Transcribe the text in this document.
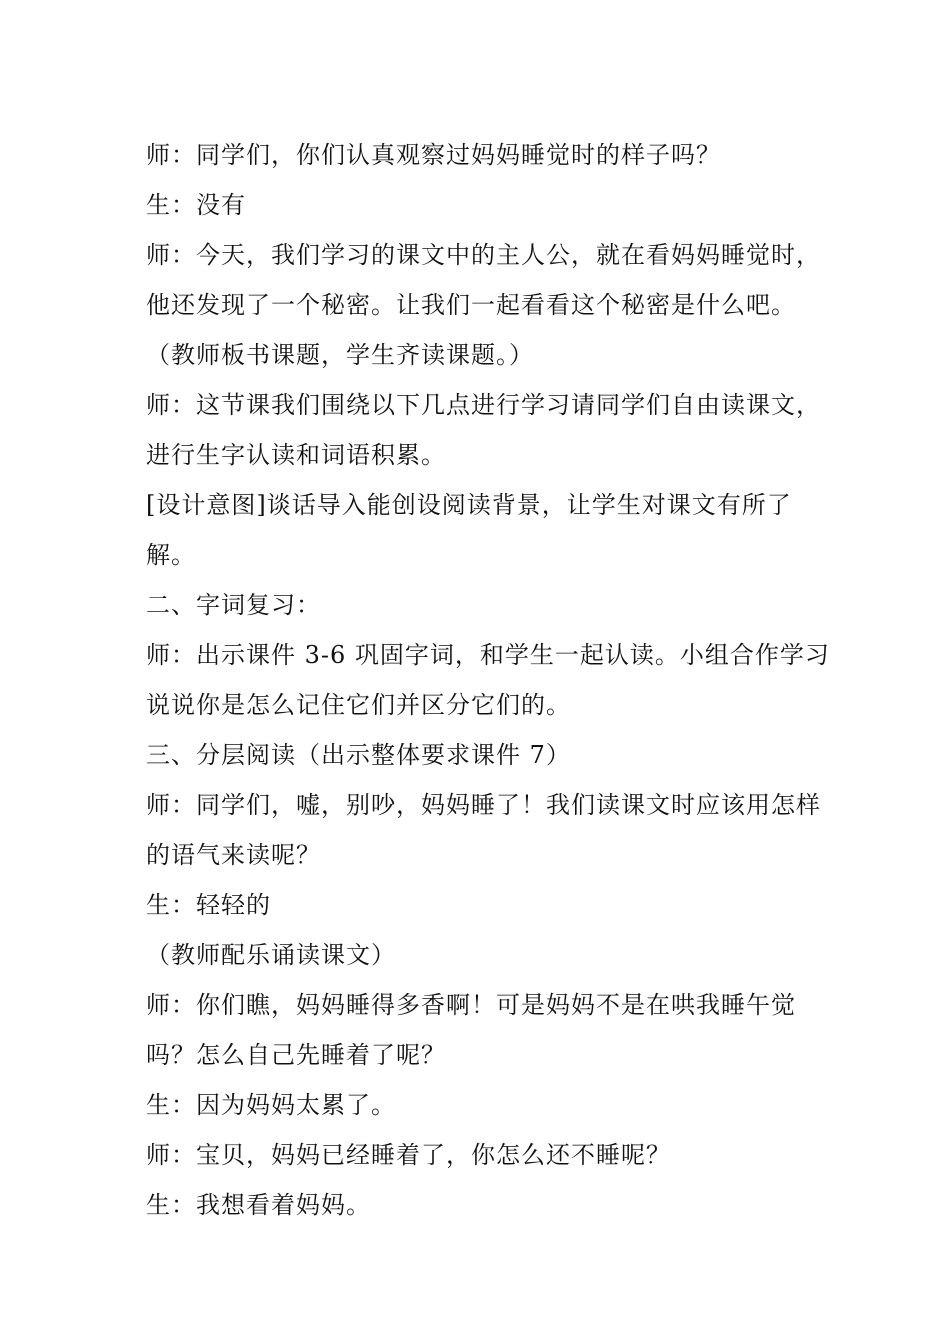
师：同学们，你们认真观察过妈妈睡觉时的样子吗？
生：没有
师：今天，我们学习的课文中的主人公，就在看妈妈睡觉时，
他还发现了一个秘密。让我们一起看看这个秘密是什么吧。
（教师板书课题，学生齐读课题。）
师：这节课我们围绕以下几点进行学习请同学们自由读课文，
进行生字认读和词语积累。
[设计意图]谈话导入能创设阅读背景，让学生对课文有所了
解。
二、字词复习：
师：出示课件 3-6 巩固字词，和学生一起认读。小组合作学习
说说你是怎么记住它们并区分它们的。
三、分层阅读（出示整体要求课件 7）
师：同学们，嘘，别吵，妈妈睡了！我们读课文时应该用怎样
的语气来读呢？
生：轻轻的
（教师配乐诵读课文）
师：你们瞧，妈妈睡得多香啊！可是妈妈不是在哄我睡午觉
吗？怎么自己先睡着了呢？
生：因为妈妈太累了。
师：宝贝，妈妈已经睡着了，你怎么还不睡呢？
生：我想看着妈妈。
